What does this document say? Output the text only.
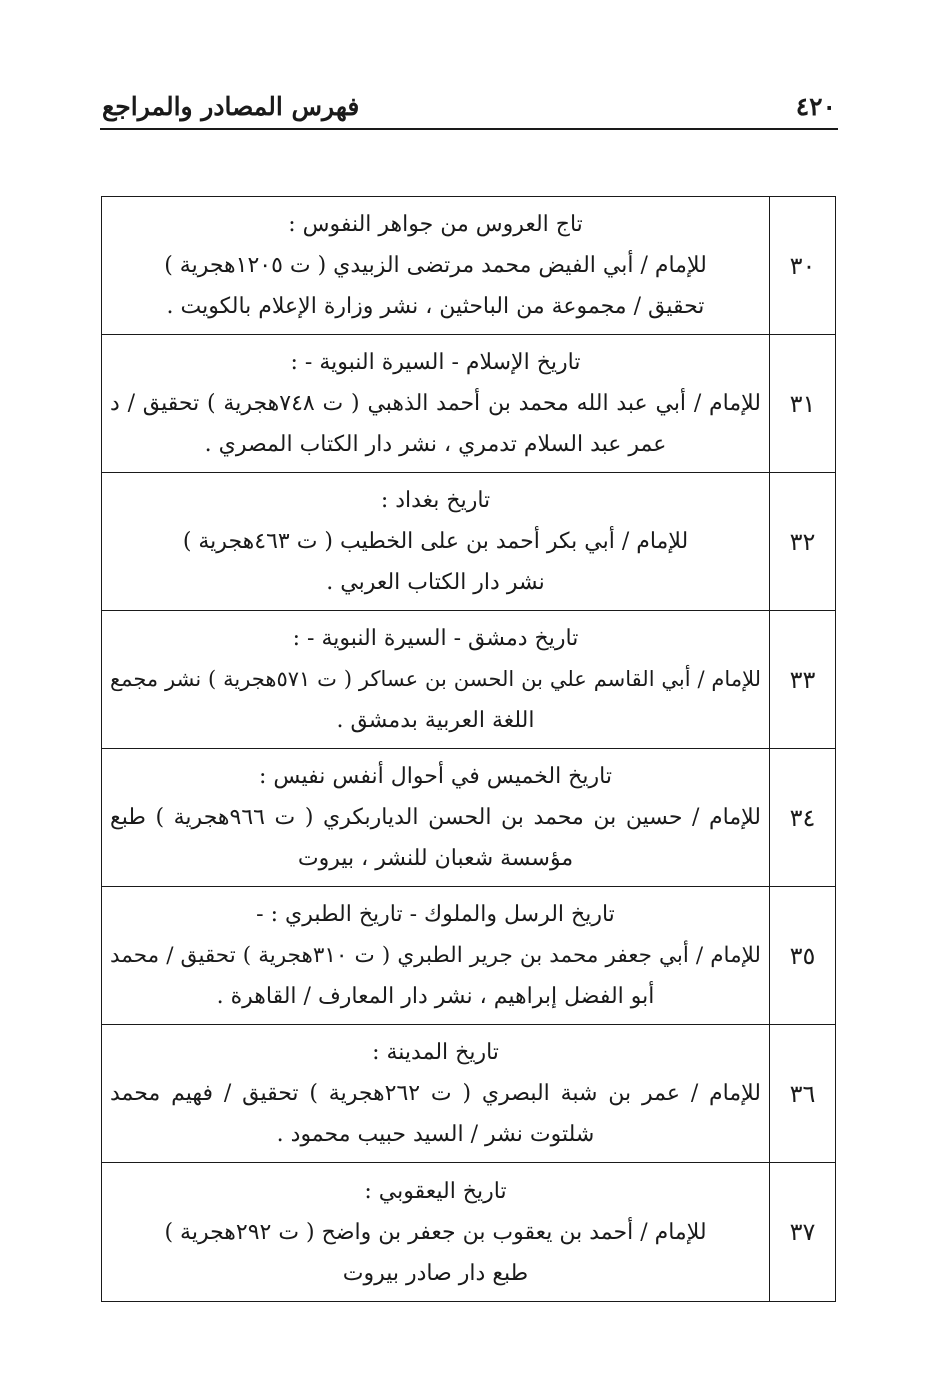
٤٢٠
فهرس المصادر والمراجع
٣٠
تاج العروس من جواهر النفوس :
للإمام / أبي الفيض محمد مرتضى الزبيدي ( ت ١٢٠٥هجرية )
تحقيق / مجموعة من الباحثين ، نشر وزارة الإعلام بالكويت .
٣١
تاريخ الإسلام - السيرة النبوية - :
للإمام / أبي عبد الله محمد بن أحمد الذهبي ( ت ٧٤٨هجرية ) تحقيق / د
عمر عبد السلام تدمري ، نشر دار الكتاب المصري .
٣٢
تاريخ بغداد :
للإمام / أبي بكر أحمد بن على الخطيب ( ت ٤٦٣هجرية )
نشر دار الكتاب العربي .
٣٣
تاريخ دمشق - السيرة النبوية - :
للإمام / أبي القاسم علي بن الحسن بن عساكر ( ت ٥٧١هجرية ) نشر مجمع
اللغة العربية بدمشق .
٣٤
تاريخ الخميس في أحوال أنفس نفيس :
للإمام / حسين بن محمد بن الحسن الدياربكري ( ت ٩٦٦هجرية ) طبع
مؤسسة شعبان للنشر ، بيروت
٣٥
تاريخ الرسل والملوك - تاريخ الطبري : -
للإمام / أبي جعفر محمد بن جرير الطبري ( ت ٣١٠هجرية ) تحقيق / محمد
أبو الفضل إبراهيم ، نشر دار المعارف / القاهرة .
٣٦
تاريخ المدينة :
للإمام / عمر بن شبة البصري ( ت ٢٦٢هجرية ) تحقيق / فهيم محمد
شلتوت نشر / السيد حبيب محمود .
٣٧
تاريخ اليعقوبي :
للإمام / أحمد بن يعقوب بن جعفر بن واضح ( ت ٢٩٢هجرية )
طبع دار صادر بيروت
